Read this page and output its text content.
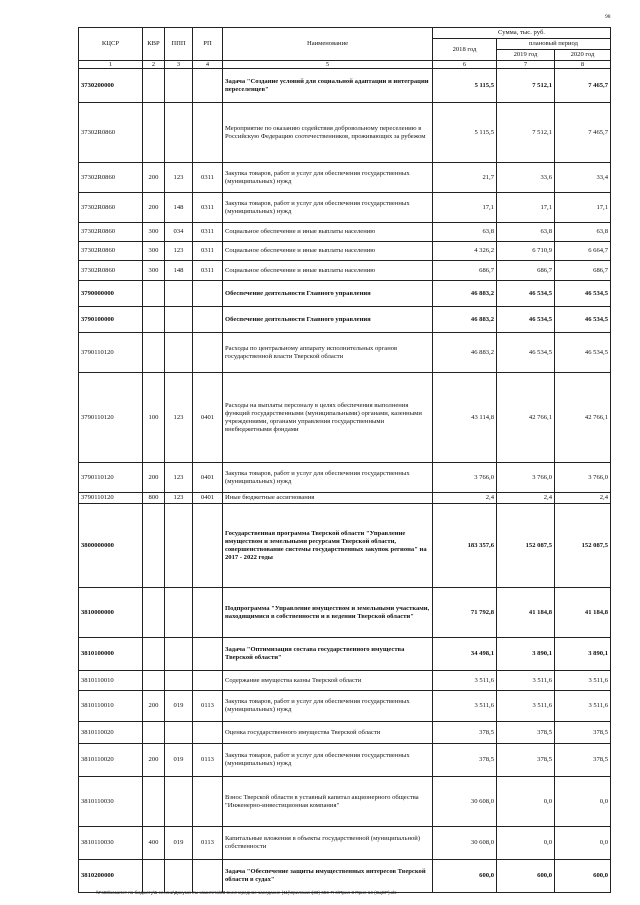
98
КЦСР	КВР	ППП	РП	Наименование	Сумма, тыс. руб.		
					2018 год	плановый период	
						2019 год	2020 год
1	2	3	4	5	6	7	8
3730200000				Задача "Создание условий для социальной адаптации и интеграции переселенцев"	5 115,5	7 512,1	7 465,7
37302R0860				Мероприятие по оказанию содействия добровольному переселению в Российскую Федерацию соотечественников, проживающих за рубежом	5 115,5	7 512,1	7 465,7
37302R0860	200	123	0311	Закупка товаров, работ и услуг для обеспечения государственных (муниципальных) нужд	21,7	33,6	33,4
37302R0860	200	148	0311	Закупка товаров, работ и услуг для обеспечения государственных (муниципальных) нужд	17,1	17,1	17,1
37302R0860	300	034	0311	Социальное обеспечение и иные выплаты населению	63,8	63,8	63,8
37302R0860	300	123	0311	Социальное обеспечение и иные выплаты населению	4 326,2	6 710,9	6 664,7
37302R0860	300	148	0311	Социальное обеспечение и иные выплаты населению	686,7	686,7	686,7
3790000000				Обеспечение деятельности Главного управления	46 883,2	46 534,5	46 534,5
3790100000				Обеспечение деятельности Главного управления	46 883,2	46 534,5	46 534,5
3790110120				Расходы по центральному аппарату исполнительных органов государственной власти Тверской области	46 883,2	46 534,5	46 534,5
3790110120	100	123	0401	Расходы на выплаты персоналу в целях обеспечения выполнения функций государственными (муниципальными) органами, казенными учреждениями, органами управления государственными внебюджетными фондами	43 114,8	42 766,1	42 766,1
3790110120	200	123	0401	Закупка товаров, работ и услуг для обеспечения государственных (муниципальных) нужд	3 766,0	3 766,0	3 766,0
3790110120	800	123	0401	Иные бюджетные ассигнования	2,4	2,4	2,4
3800000000				Государственная программа Тверской области "Управление имуществом и земельными ресурсами Тверской области, совершенствование системы государственных закупок региона" на 2017 - 2022 годы	183 357,6	152 087,5	152 087,5
3810000000				Подпрограмма "Управление имуществом и земельными участками, находящимися в собственности и в ведении Тверской области"	71 792,8	41 184,8	41 184,8
3810100000				Задача "Оптимизация состава государственного имущества Тверской области"	34 498,1	3 890,1	3 890,1
3810110010				Содержание имущества казны Тверской области	3 511,6	3 511,6	3 511,6
3810110010	200	019	0113	Закупка товаров, работ и услуг для обеспечения государственных (муниципальных) нужд	3 511,6	3 511,6	3 511,6
3810110020				Оценка государственного имущества Тверской области	378,5	378,5	378,5
3810110020	200	019	0113	Закупка товаров, работ и услуг для обеспечения государственных (муниципальных) нужд	378,5	378,5	378,5
3810110030				Взнос Тверской области в уставный капитал акционерного общества "Инженерно-инвестиционная компания"	30 608,0	0,0	0,0
3810110030	400	019	0113	Капитальные вложения в объекты государственной (муниципальной) собственности	30 608,0	0,0	0,0
3810200000				Задача "Обеспечение защиты имущественных интересов Тверской области в судах"	600,0	600,0	600,0
\\Fs03\комитет по бюджету\Б сессии\Документы комитета\33 внеочередное заседание (11)\приложен(33) 659-П-6\Прил 8 Прил 14 (КЦСР).xls
